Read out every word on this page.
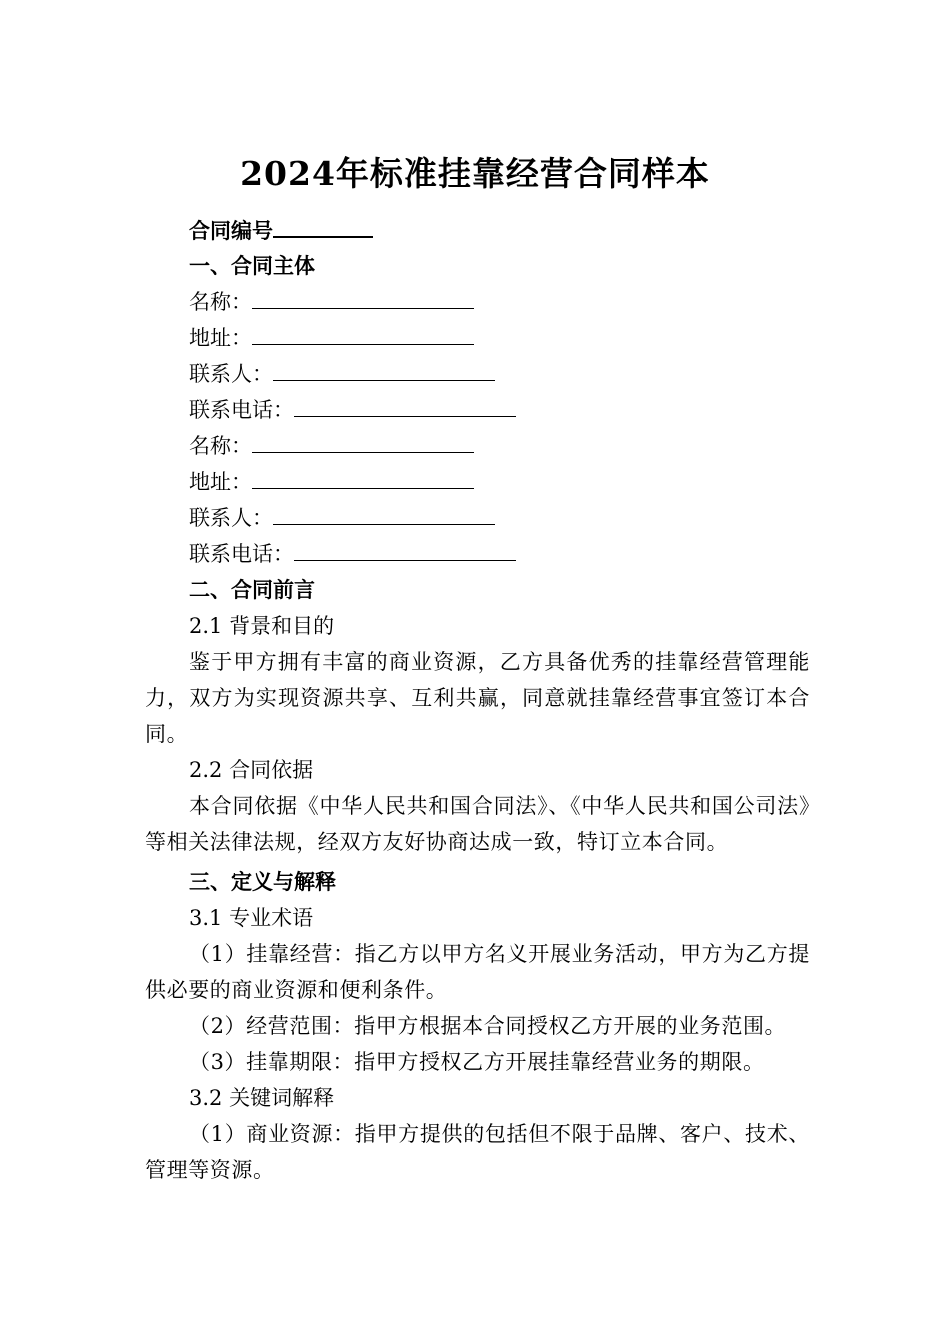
2024年标准挂靠经营合同样本
合同编号
一、合同主体
名称：
地址：
联系人：
联系电话：
名称：
地址：
联系人：
联系电话：
二、合同前言
2.1 背景和目的
鉴于甲方拥有丰富的商业资源，乙方具备优秀的挂靠经营管理能力，双方为实现资源共享、互利共赢，同意就挂靠经营事宜签订本合同。
2.2 合同依据
本合同依据《中华人民共和国合同法》、《中华人民共和国公司法》等相关法律法规，经双方友好协商达成一致，特订立本合同。
三、定义与解释
3.1 专业术语
（1）挂靠经营：指乙方以甲方名义开展业务活动，甲方为乙方提供必要的商业资源和便利条件。
（2）经营范围：指甲方根据本合同授权乙方开展的业务范围。
（3）挂靠期限：指甲方授权乙方开展挂靠经营业务的期限。
3.2 关键词解释
（1）商业资源：指甲方提供的包括但不限于品牌、客户、技术、管理等资源。
